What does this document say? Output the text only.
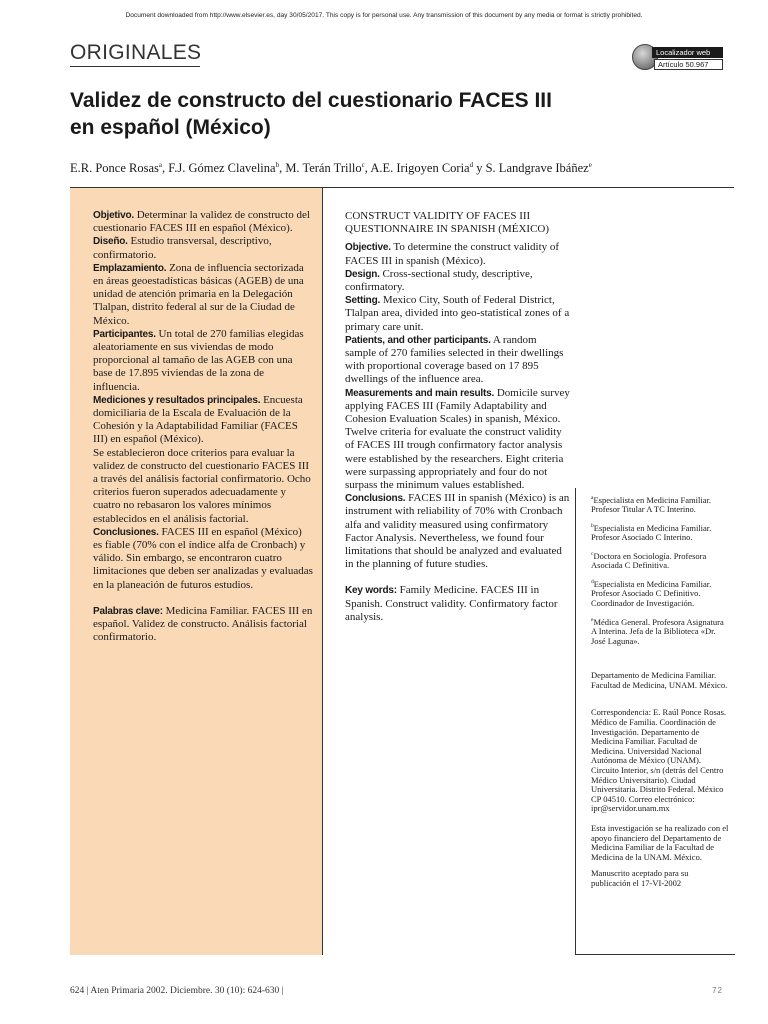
Document downloaded from http://www.elsevier.es, day 30/05/2017. This copy is for personal use. Any transmission of this document by any media or format is strictly prohibited.
ORIGINALES	Localizador web
Artículo 50.967
Validez de constructo del cuestionario FACES III
en español (México)
E.R. Ponce Rosas$^a$, F.J. Gómez Clavelina$^b$, M. Terán Trillo$^c$, A.E. Irigoyen Coria$^d$ y S. Landgrave Ibáñez$^e$

Objetivo. Determinar la validez de constructo del cuestionario FACES III en español (México).

Diseño. Estudio transversal, descriptivo, confirmatorio.

Emplazamiento. Zona de influencia sectorizada en áreas geoestadísticas básicas (AGEB) de una unidad de atención primaria en la Delegación Tlalpan, distrito federal al sur de la Ciudad de México.

Participantes. Un total de 270 familias elegidas aleatoriamente en sus viviendas de modo proporcional al tamaño de las AGEB con una base de 17.895 viviendas de la zona de influencia.

Mediciones y resultados principales. Encuesta domiciliaria de la Escala de Evaluación de la Cohesión y la Adaptabilidad Familiar (FACES III) en español (México).

Se establecieron doce criterios para evaluar la validez de constructo del cuestionario FACES III a través del análisis factorial confirmatorio. Ocho criterios fueron superados adecuadamente y cuatro no rebasaron los valores mínimos establecidos en el análisis factorial.

Conclusiones. FACES III en español (México) es fiable (70% con el índice alfa de Cronbach) y válido. Sin embargo, se encontraron cuatro limitaciones que deben ser analizadas y evaluadas en la planeación de futuros estudios.

Palabras clave: Medicina Familiar. FACES III en español. Validez de constructo. Análisis factorial confirmatorio.

CONSTRUCT VALIDITY OF FACES III QUESTIONNAIRE IN SPANISH (MÉXICO)

Objective. To determine the construct validity of FACES III in spanish (México).

Design. Cross-sectional study, descriptive, confirmatory.

Setting. Mexico City, South of Federal District, Tlalpan area, divided into geo-statistical zones of a primary care unit.

Patients, and other participants. A random sample of 270 families selected in their dwellings with proportional coverage based on 17 895 dwellings of the influence area.

Measurements and main results. Domicile survey applying FACES III (Family Adaptability and Cohesion Evaluation Scales) in spanish, México.

Twelve criteria for evaluate the construct validity of FACES III trough confirmatory factor analysis were established by the researchers. Eight criteria were surpassing appropriately and four do not surpass the minimum values established.

Conclusions. FACES III in spanish (México) is an instrument with reliability of 70% with Cronbach alfa and validity measured using confirmatory Factor Analysis. Nevertheless, we found four limitations that should be analyzed and evaluated in the planning of future studies.

Key words: Family Medicine. FACES III in Spanish. Construct validity. Confirmatory factor analysis.

$^a$Especialista en Medicina Familiar. Profesor Titular A TC Interino.

$^b$Especialista en Medicina Familiar. Profesor Asociado C Interino.

$^c$Doctora en Sociología. Profesora Asociada C Definitiva.

$^d$Especialista en Medicina Familiar. Profesor Asociado C Definitivo. Coordinador de Investigación.

$^e$Médica General. Profesora Asignatura A Interina. Jefa de la Biblioteca «Dr. José Laguna».

Departamento de Medicina Familiar. Facultad de Medicina, UNAM. México.

Correspondencia: E. Raúl Ponce Rosas. Médico de Familia. Coordinación de Investigación. Departamento de Medicina Familiar. Facultad de Medicina. Universidad Nacional Autónoma de México (UNAM). Circuito Interior, s/n (detrás del Centro Médico Universitario). Ciudad Universitaria. Distrito Federal. México CP 04510. Correo electrónico: ipr@servidor.unam.mx

Esta investigación se ha realizado con el apoyo financiero del Departamento de Medicina Familiar de la Facultad de Medicina de la UNAM. México.

Manuscrito aceptado para su publicación el 17-VI-2002

624 | Aten Primaria 2002. Diciembre. 30 (10): 624-630 |	72
